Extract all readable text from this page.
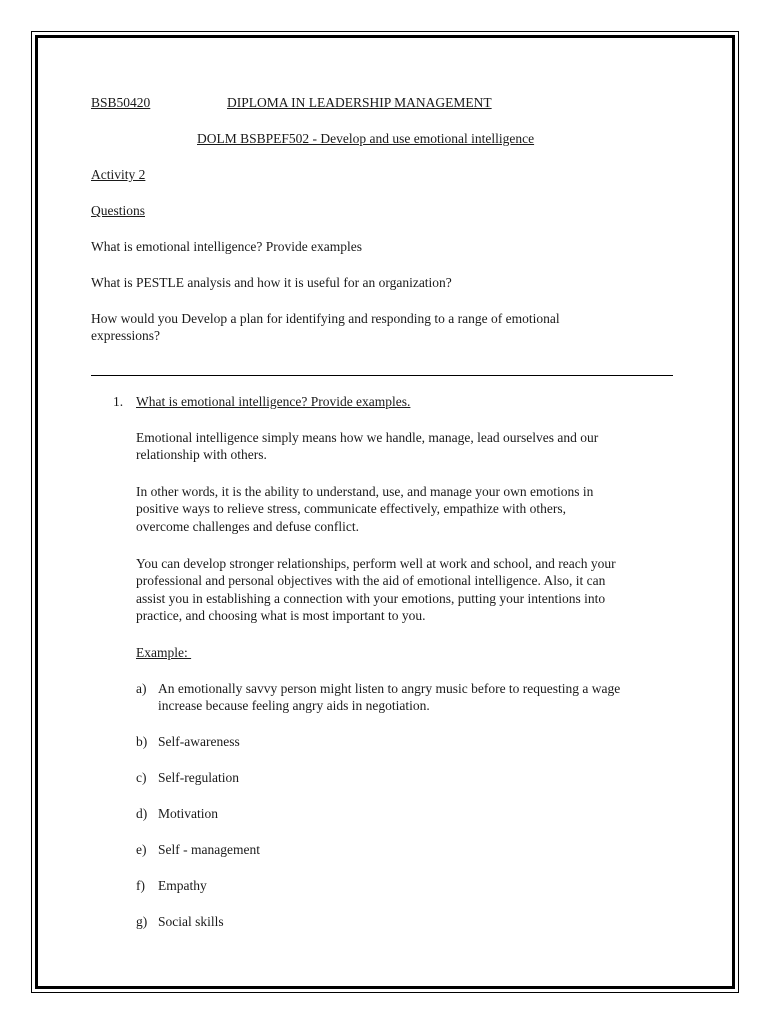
BSB50420	DIPLOMA IN LEADERSHIP MANAGEMENT
DOLM BSBPEF502 - Develop and use emotional intelligence
Activity 2
Questions
What is emotional intelligence? Provide examples
What is PESTLE analysis and how it is useful for an organization?
How would you Develop a plan for identifying and responding to a range of emotional
expressions?
1. What is emotional intelligence? Provide examples.
Emotional intelligence simply means how we handle, manage, lead ourselves and our
relationship with others.
In other words, it is the ability to understand, use, and manage your own emotions in
positive ways to relieve stress, communicate effectively, empathize with others,
overcome challenges and defuse conflict.
You can develop stronger relationships, perform well at work and school, and reach your
professional and personal objectives with the aid of emotional intelligence. Also, it can
assist you in establishing a connection with your emotions, putting your intentions into
practice, and choosing what is most important to you.
Example:
a) An emotionally savvy person might listen to angry music before to requesting a wage
increase because feeling angry aids in negotiation.
b) Self-awareness
c) Self-regulation
d) Motivation
e) Self - management
f) Empathy
g) Social skills
